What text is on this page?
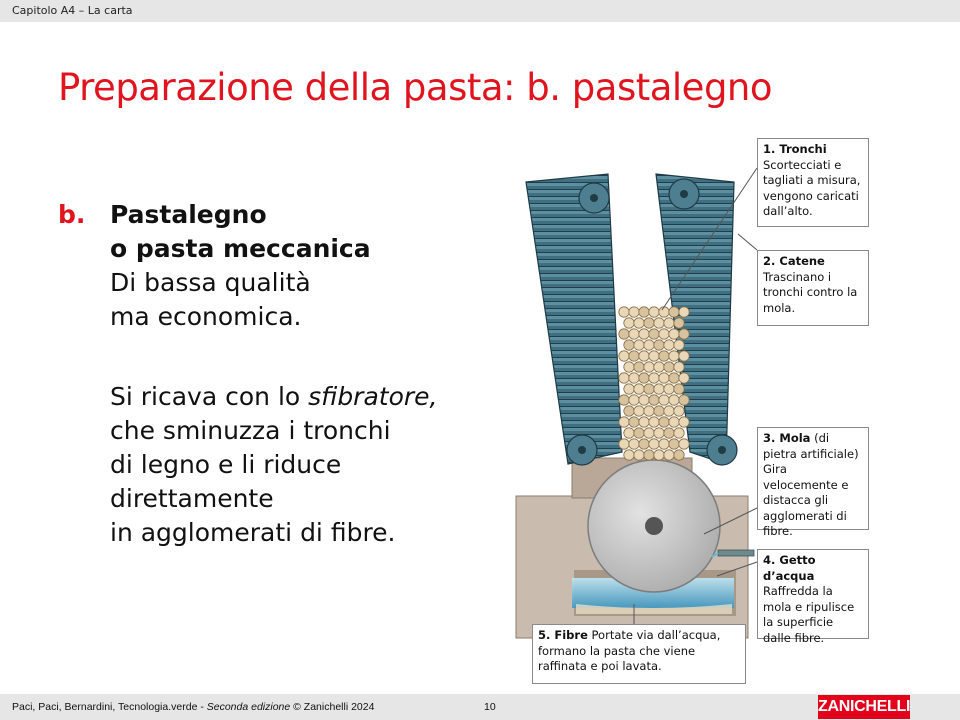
Capitolo A4 – La carta
Preparazione della pasta: b. pastalegno
b. Pastalegno
o pasta meccanica
Di bassa qualità
ma economica.
Si ricava con lo sfibratore,
che sminuzza i tronchi
di legno e li riduce
direttamente
in agglomerati di fibre.
1. Tronchi
Scortecciati e tagliati a misura, vengono caricati dall’alto.
2. Catene
Trascinano i tronchi contro la mola.
3. Mola (di pietra artificiale) Gira velocemente e distacca gli agglomerati di fibre.
4. Getto d’acqua
Raffredda la mola e ripulisce la superficie dalle fibre.
5. Fibre Portate via dall’acqua, formano la pasta che viene raffinata e poi lavata.
Paci, Paci, Bernardini, Tecnologia.verde - Seconda edizione © Zanichelli 2024	10	ZANICHELLI
